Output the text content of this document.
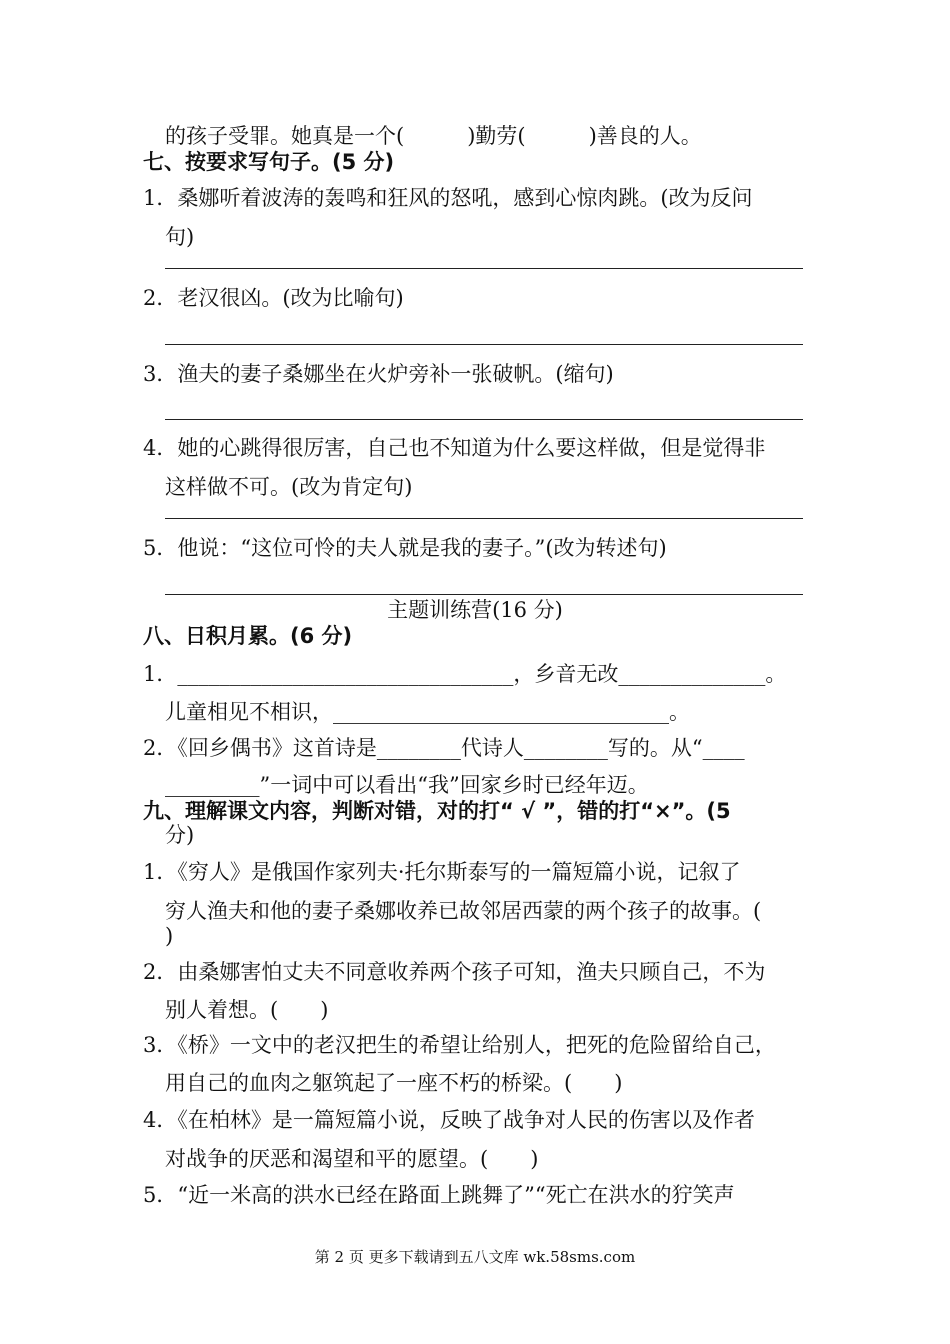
的孩子受罪。她真是一个(　　　)勤劳(　　　)善良的人。
七、按要求写句子。(5 分)
1．桑娜听着波涛的轰鸣和狂风的怒吼，感到心惊肉跳。(改为反问
句)
2．老汉很凶。(改为比喻句)
3．渔夫的妻子桑娜坐在火炉旁补一张破帆。(缩句)
4．她的心跳得很厉害，自己也不知道为什么要这样做，但是觉得非
这样做不可。(改为肯定句)
5．他说：“这位可怜的夫人就是我的妻子。”(改为转述句)
主题训练营(16 分)
八、日积月累。(6 分)
1．________________________________，乡音无改______________。
儿童相见不相识，________________________________。
2．《回乡偶书》这首诗是________代诗人________写的。从“____
_________”一词中可以看出“我”回家乡时已经年迈。
九、理解课文内容，判断对错，对的打“ √ ”，错的打“×”。(5
分)
1．《穷人》是俄国作家列夫·托尔斯泰写的一篇短篇小说，记叙了
穷人渔夫和他的妻子桑娜收养已故邻居西蒙的两个孩子的故事。(
)
2．由桑娜害怕丈夫不同意收养两个孩子可知，渔夫只顾自己，不为
别人着想。(　　)
3．《桥》一文中的老汉把生的希望让给别人，把死的危险留给自己，
用自己的血肉之躯筑起了一座不朽的桥梁。(　　)
4．《在柏林》是一篇短篇小说，反映了战争对人民的伤害以及作者
对战争的厌恶和渴望和平的愿望。(　　)
5．“近一米高的洪水已经在路面上跳舞了”“死亡在洪水的狞笑声
第 2 页 更多下载请到五八文库 wk.58sms.com
